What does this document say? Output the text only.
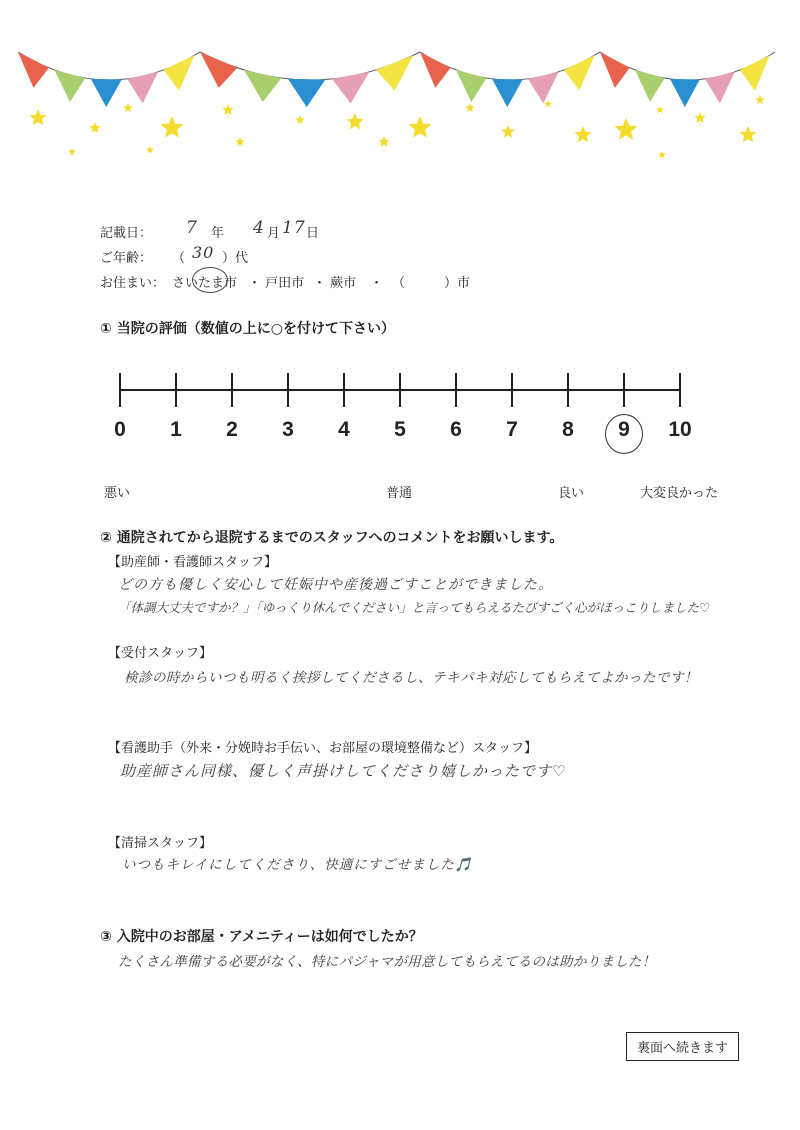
記載日： 7 年 4 月 17 日
ご年齢： （ 30 ）代
お住まい： さいたま市 ・ 戸田市 ・ 蕨市 ・ （	）市
① 当院の評価（数値の上に○を付けて下さい）
0	1	2	3	4	5	6	7	8	9	10
悪い	普通	良い	大変良かった
② 通院されてから退院するまでのスタッフへのコメントをお願いします。
【助産師・看護師スタッフ】
どの方も優しく安心して妊娠中や産後過ごすことができました。
「体調大丈夫ですか？」「ゆっくり休んでください」と言ってもらえるたびすごく心がほっこりしました♡
【受付スタッフ】
検診の時からいつも明るく挨拶してくださるし、テキパキ対応してもらえてよかったです！
【看護助手（外来・分娩時お手伝い、お部屋の環境整備など）スタッフ】
助産師さん同様、優しく声掛けしてくださり嬉しかったです♡
【清掃スタッフ】
いつもキレイにしてくださり、快適にすごせました🎵
③ 入院中のお部屋・アメニティーは如何でしたか？
たくさん準備する必要がなく、特にパジャマが用意してもらえてるのは助かりました！
裏面へ続きます
